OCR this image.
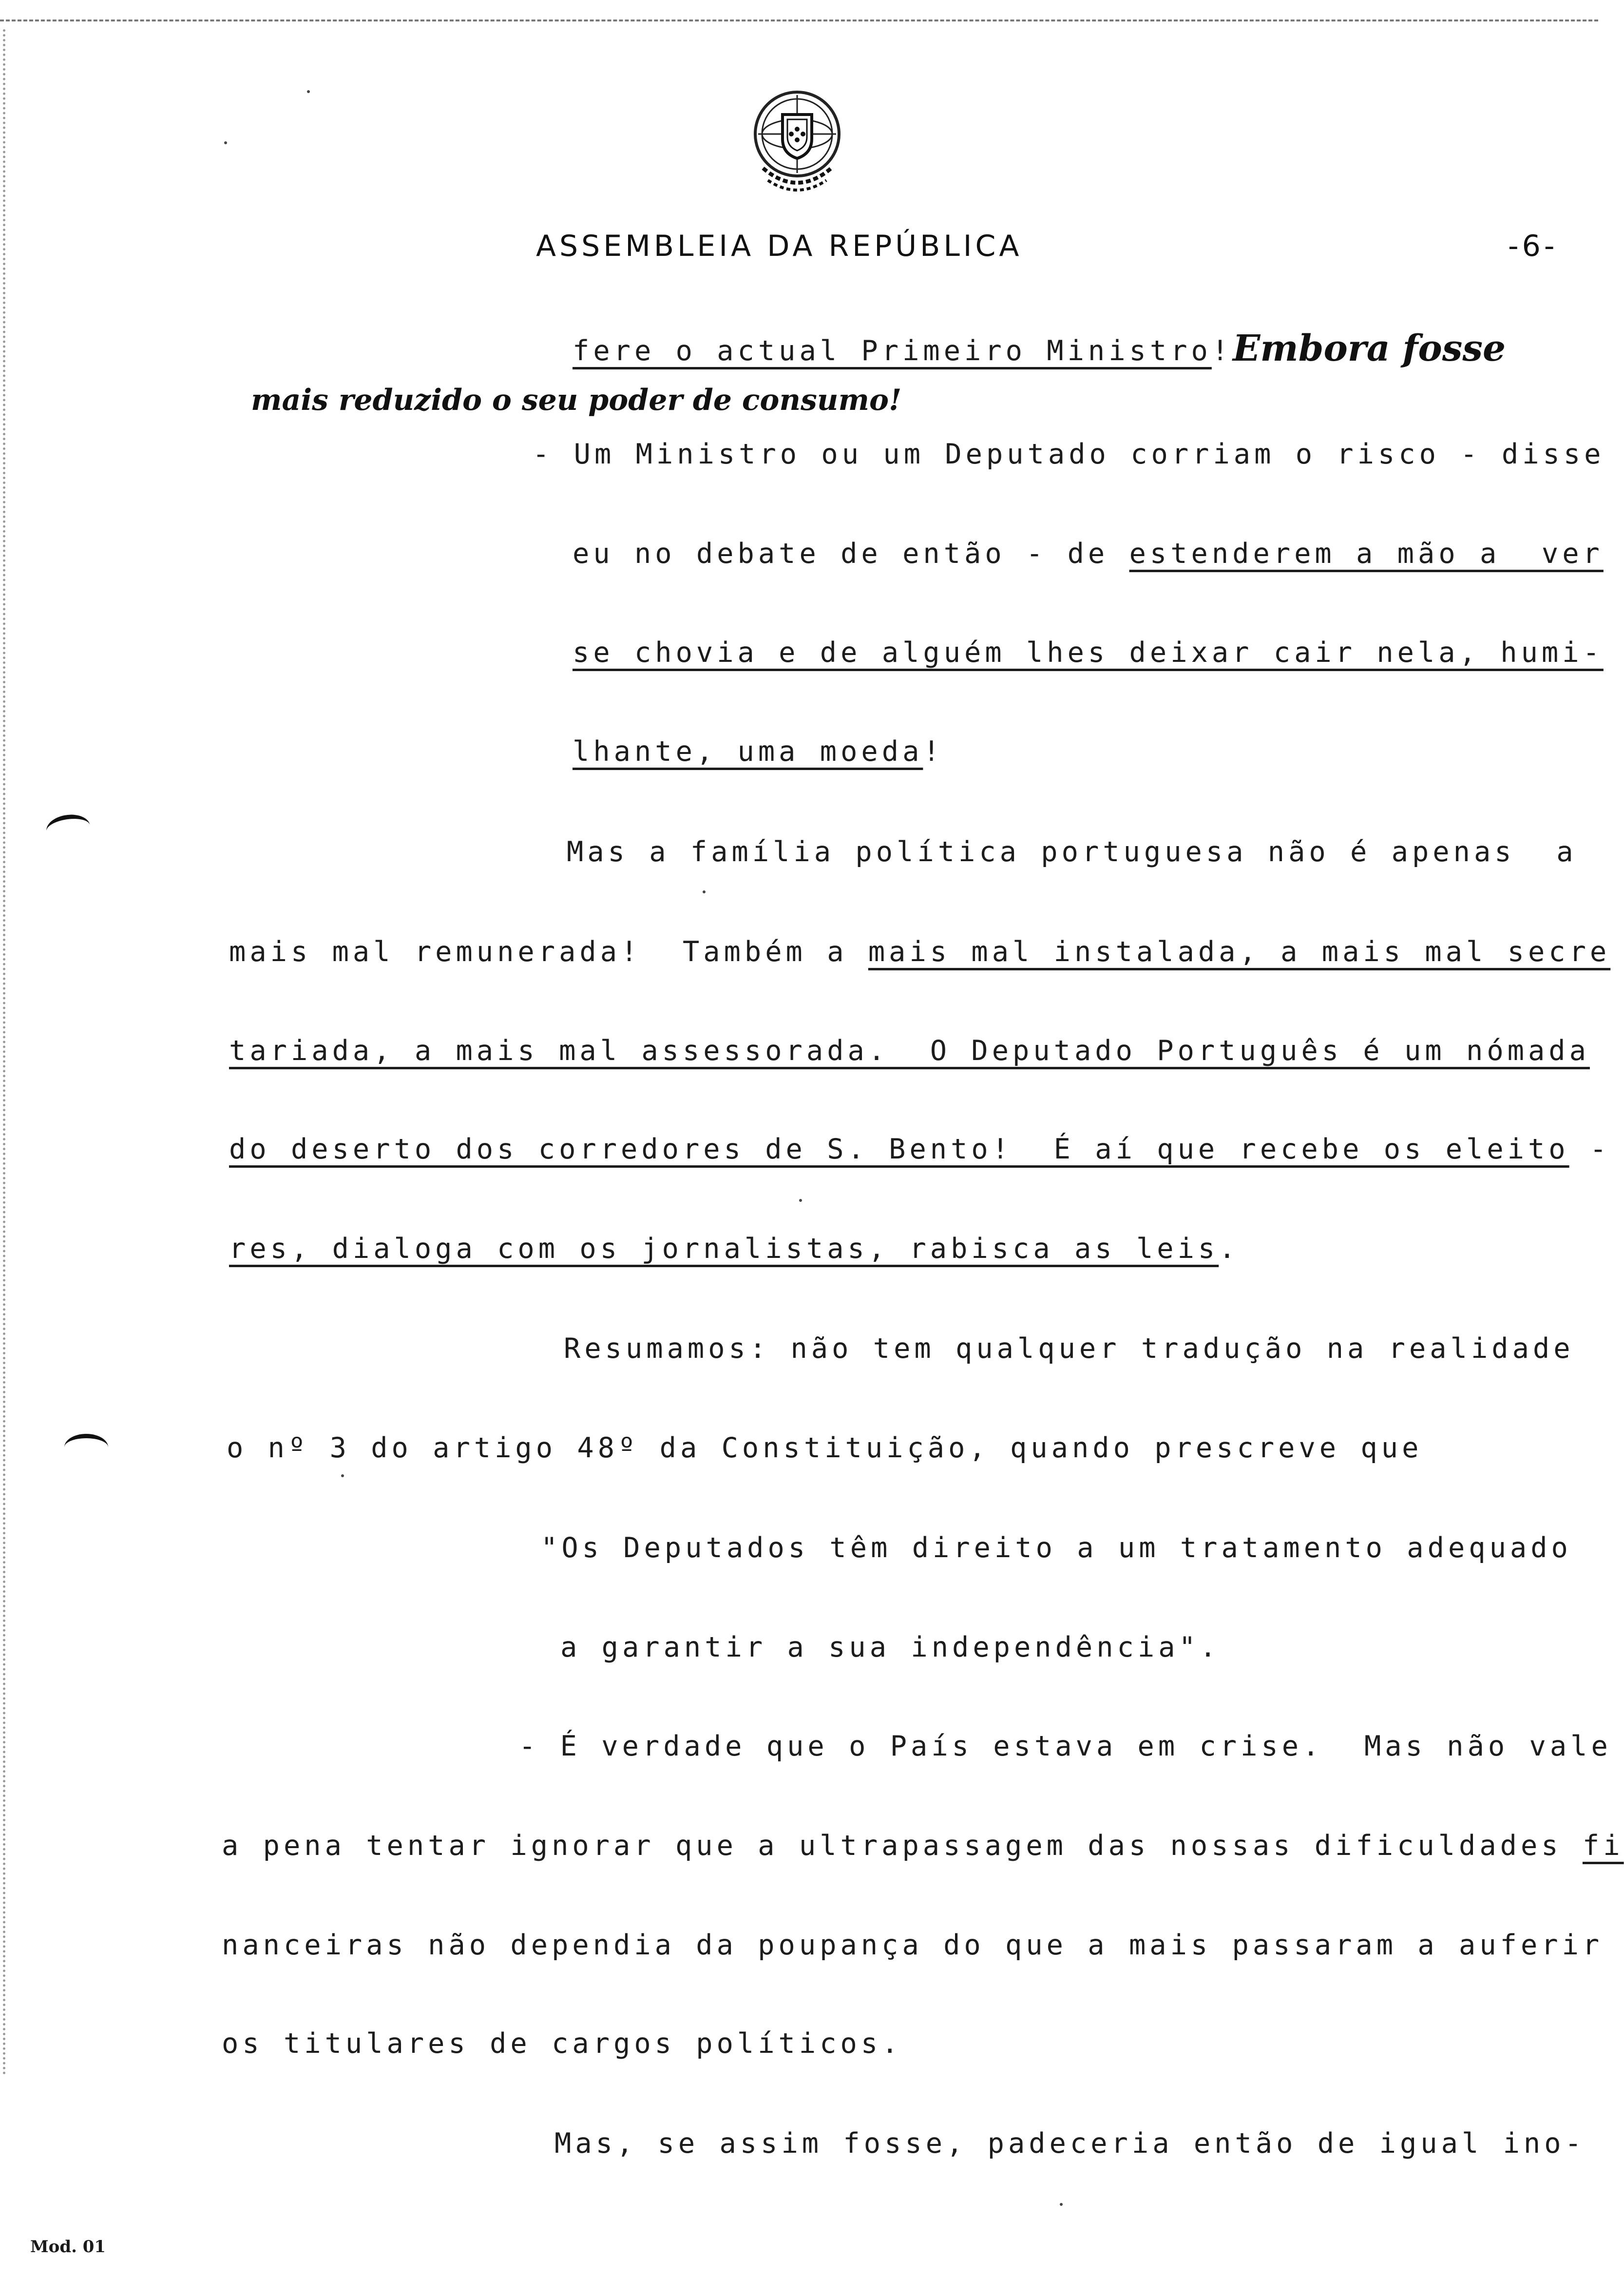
ASSEMBLEIA DA REPÚBLICA	-6-
fere o actual Primeiro Ministro! Embora fosse
mais reduzido o seu poder de consumo!
- Um Ministro ou um Deputado corriam o risco - disse
eu no debate de então - de estenderem a mão a  ver
se chovia e de alguém lhes deixar cair nela, humi-
lhante, uma moeda!
Mas a família política portuguesa não é apenas  a
mais mal remunerada!  Também a mais mal instalada, a mais mal secre
tariada, a mais mal assessorada.  O Deputado Português é um nómada
do deserto dos corredores de S. Bento!  É aí que recebe os eleito -
res, dialoga com os jornalistas, rabisca as leis.
Resumamos: não tem qualquer tradução na realidade
o nº 3 do artigo 48º da Constituição, quando prescreve que
"Os Deputados têm direito a um tratamento adequado
a garantir a sua independência".
- É verdade que o País estava em crise.  Mas não vale
a pena tentar ignorar que a ultrapassagem das nossas dificuldades fi
nanceiras não dependia da poupança do que a mais passaram a auferir
os titulares de cargos políticos.
Mas, se assim fosse, padeceria então de igual ino-
Mod. 01
